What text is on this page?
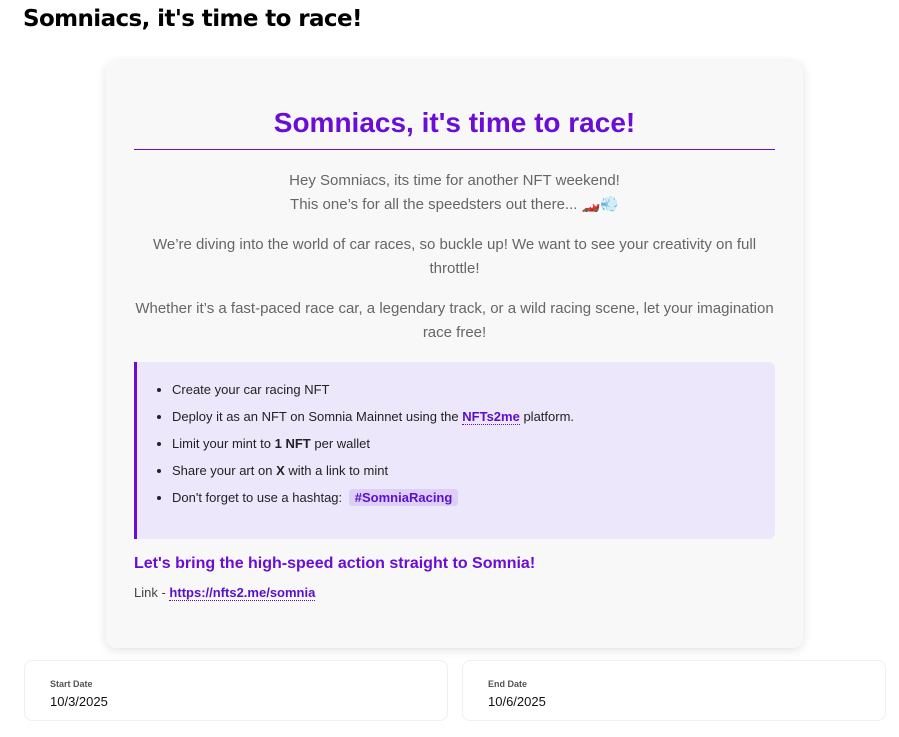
Somniacs, it's time to race!
Somniacs, it's time to race!

Hey Somniacs, its time for another NFT weekend!
This one’s for all the speedsters out there... 🏎️💨

We’re diving into the world of car races, so buckle up! We want to see your creativity on full throttle!

Whether it’s a fast-paced race car, a legendary track, or a wild racing scene, let your imagination race free!

• Create your car racing NFT
• Deploy it as an NFT on Somnia Mainnet using the NFTs2me platform.
• Limit your mint to 1 NFT per wallet
• Share your art on X with a link to mint
• Don't forget to use a hashtag: #SomniaRacing

Let's bring the high-speed action straight to Somnia!

Link - https://nfts2.me/somnia

Start Date
10/3/2025
End Date
10/6/2025
